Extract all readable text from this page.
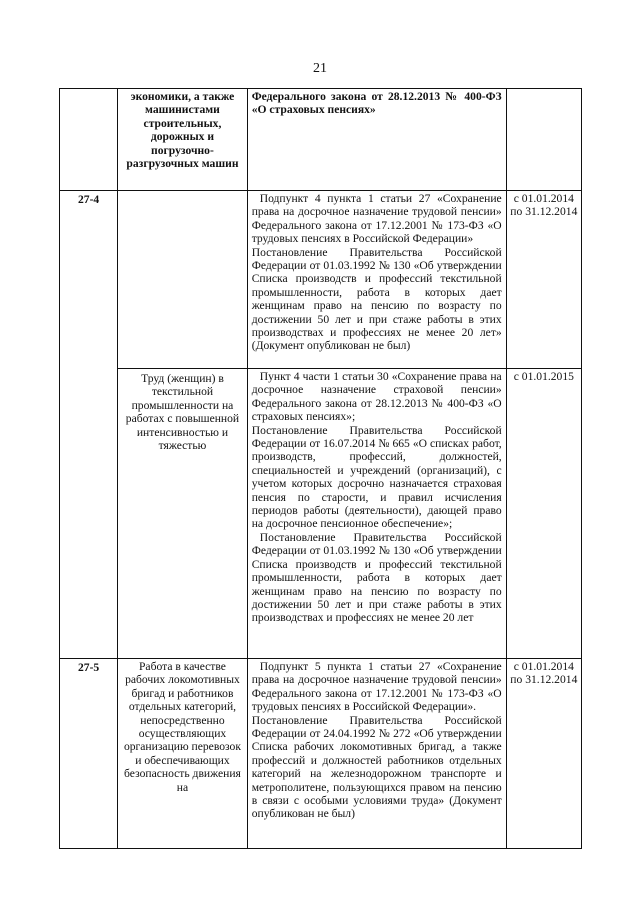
21
	экономики, а также машинистами строительных, дорожных и погрузочно-разгрузочных машин	Федерального закона от 28.12.2013 № 400-ФЗ «О страховых пенсиях»	

27-4		Подпункт 4 пункта 1 статьи 27 «Сохранение права на досрочное назначение трудовой пенсии» Федерального закона от 17.12.2001 № 173-ФЗ «О трудовых пенсиях в Российской Федерации»

Постановление Правительства Российской Федерации от 01.03.1992 № 130 «Об утверждении Списка производств и профессий текстильной промышленности, работа в которых дает женщинам право на пенсию по возрасту по достижении 50 лет и при стаже работы в этих производствах и профессиях не менее 20 лет» (Документ опубликован не был)	с 01.01.2014 по 31.12.2014
	Труд (женщин) в текстильной промышленности на работах с повышенной интенсивностью и тяжестью	Пункт 4 части 1 статьи 30 «Сохранение права на досрочное назначение страховой пенсии» Федерального закона от 28.12.2013 № 400-ФЗ «О страховых пенсиях»;

Постановление Правительства Российской Федерации от 16.07.2014 № 665 «О списках работ, производств, профессий, должностей, специальностей и учреждений (организаций), с учетом которых досрочно назначается страховая пенсия по старости, и правил исчисления периодов работы (деятельности), дающей право на досрочное пенсионное обеспечение»;

Постановление Правительства Российской Федерации от 01.03.1992 № 130 «Об утверждении Списка производств и профессий текстильной промышленности, работа в которых дает женщинам право на пенсию по возрасту по достижении 50 лет и при стаже работы в этих производствах и профессиях не менее 20 лет	с 01.01.2015
27-5	Работа в качестве рабочих локомотивных бригад и работников отдельных категорий, непосредственно осуществляющих организацию перевозок и обеспечивающих безопасность движения на	Подпункт 5 пункта 1 статьи 27 «Сохранение права на досрочное назначение трудовой пенсии» Федерального закона от 17.12.2001 № 173-ФЗ «О трудовых пенсиях в Российской Федерации».

Постановление Правительства Российской Федерации от 24.04.1992 № 272 «Об утверждении Списка рабочих локомотивных бригад, а также профессий и должностей работников отдельных категорий на железнодорожном транспорте и метрополитене, пользующихся правом на пенсию в связи с особыми условиями труда» (Документ опубликован не был)	с 01.01.2014 по 31.12.2014
